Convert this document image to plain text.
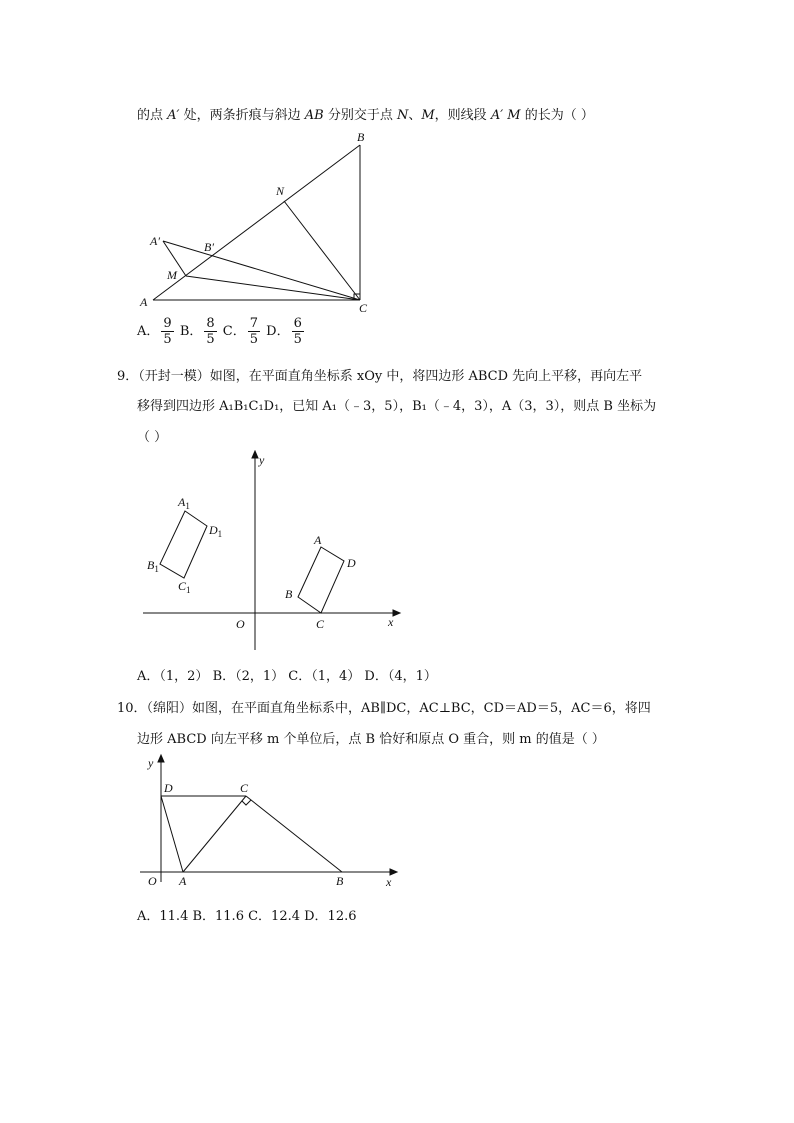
的点 A′ 处，两条折痕与斜边 AB 分别交于点 N、M，则线段 A′ M 的长为（ ）
B
N
A′	B′
M
A	C
A． $\frac{9}{5}$ B． $\frac{8}{5}$ C． $\frac{7}{5}$ D． $\frac{6}{5}$
9．（开封一模）如图，在平面直角坐标系 xOy 中，将四边形 ABCD 先向上平移，再向左平
移得到四边形 A₁B₁C₁D₁，已知 A₁（﹣3，5），B₁（﹣4，3），A（3，3），则点 B 坐标为
（ ）
y
x
O
$A_1$
$D_1$
$B_1$
$C_1$
A
D
B
C
A．（1，2） B．（2，1） C．（1，4） D．（4，1）
10．（绵阳）如图，在平面直角坐标系中，AB∥DC，AC⊥BC，CD＝AD＝5，AC＝6，将四
边形 ABCD 向左平移 m 个单位后，点 B 恰好和原点 O 重合，则 m 的值是（ ）
y
x
O
D	C
A	B
A．11.4 B．11.6 C．12.4 D．12.6
